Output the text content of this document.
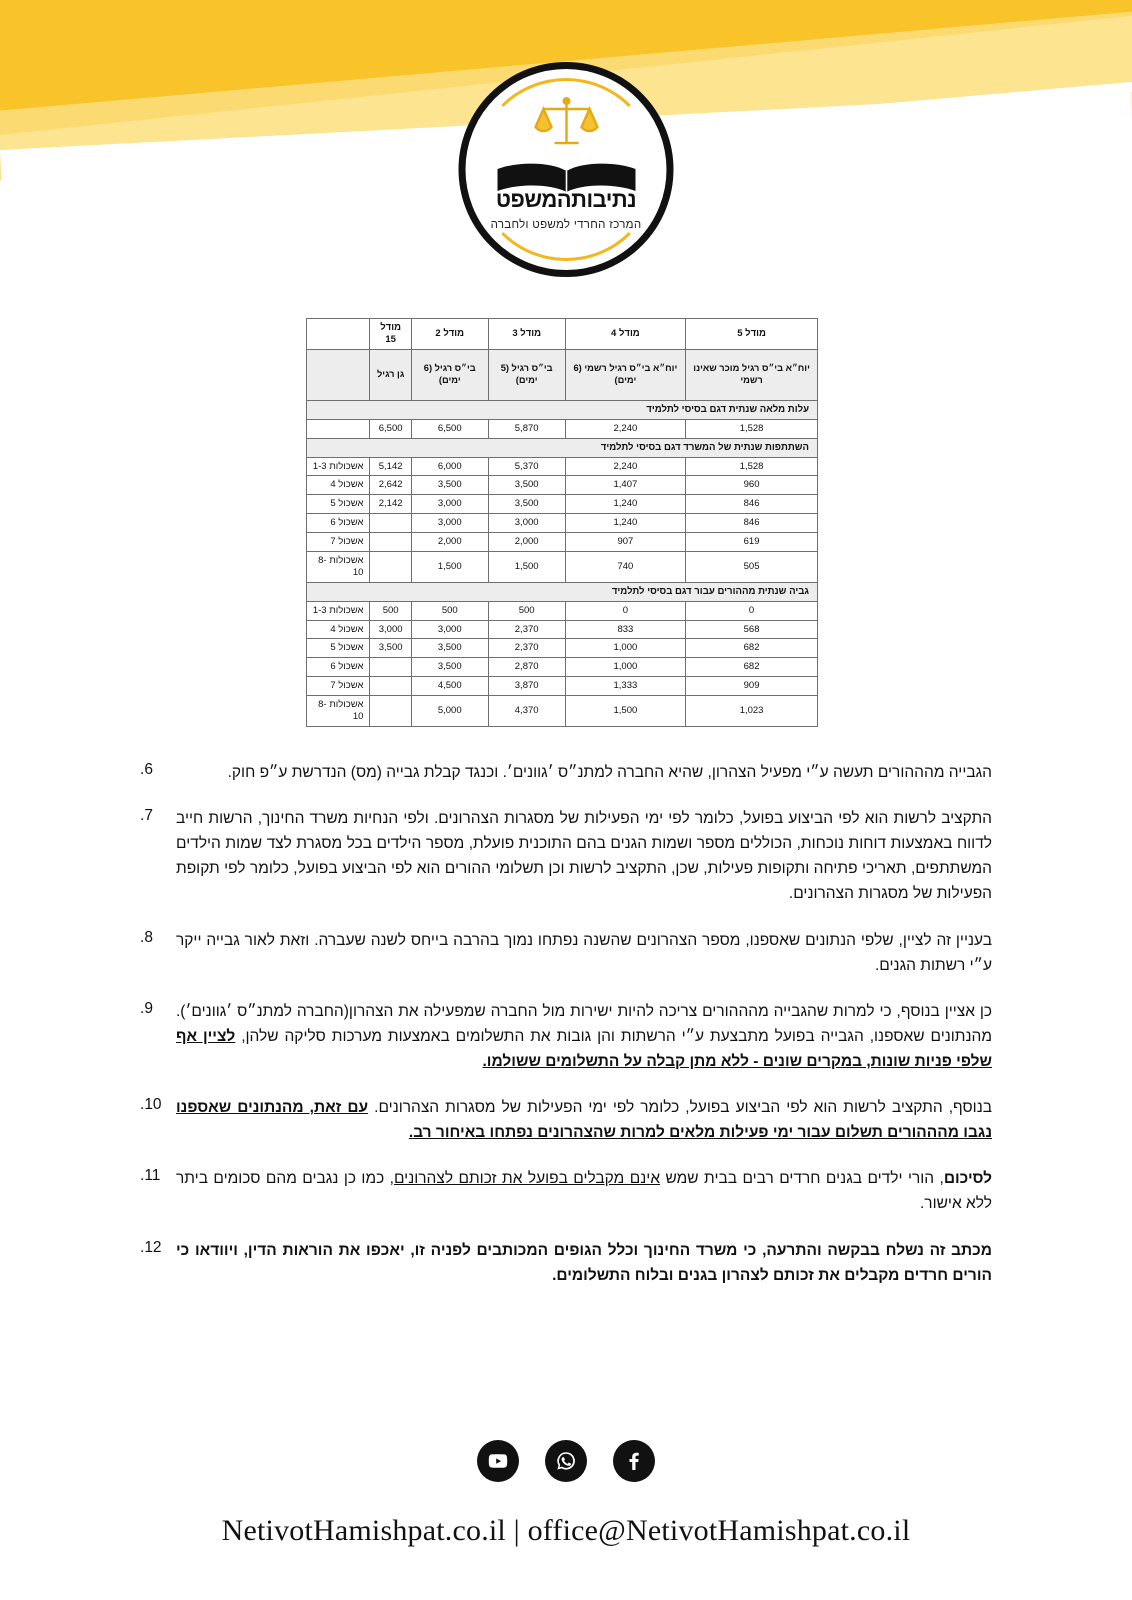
נתיבותהמשפט
המרכז החרדי למשפט ולחברה
מודל 5	מודל 4	מודל 3	מודל 2	מודל 15	
יוח״א בי״ס רגיל מוכר שאינו רשמי	יוח״א בי״ס רגיל רשמי (6 ימים)	בי״ס רגיל (5 ימים)	בי״ס רגיל (6 ימים)	גן רגיל	
עלות מלאה שנתית דגם בסיסי לתלמיד					
1,528	2,240	5,870	6,500	6,500	
השתתפות שנתית של המשרד דגם בסיסי לתלמיד					
1,528	2,240	5,370	6,000	5,142	אשכולות 1-3
960	1,407	3,500	3,500	2,642	אשכול 4
846	1,240	3,500	3,000	2,142	אשכול 5
846	1,240	3,000	3,000		אשכול 6
619	907	2,000	2,000		אשכול 7
505	740	1,500	1,500		אשכולות 8-10
גביה שנתית מההורים עבור דגם בסיסי לתלמיד					
0	0	500	500	500	אשכולות 1-3
568	833	2,370	3,000	3,000	אשכול 4
682	1,000	2,370	3,500	3,500	אשכול 5
682	1,000	2,870	3,500		אשכול 6
909	1,333	3,870	4,500		אשכול 7
1,023	1,500	4,370	5,000		אשכולות 8-10
הגבייה מהההורים תעשה ע״י מפעיל הצהרון, שהיא החברה למתנ״ס ׳גוונים׳. וכנגד קבלת גבייה (מס) הנדרשת ע״פ חוק.
6.
התקציב לרשות הוא לפי הביצוע בפועל, כלומר לפי ימי הפעילות של מסגרות הצהרונים. ולפי הנחיות משרד החינוך, הרשות חייב לדווח באמצעות דוחות נוכחות, הכוללים מספר ושמות הגנים בהם התוכנית פועלת, מספר הילדים בכל מסגרת לצד שמות הילדים המשתתפים, תאריכי פתיחה ותקופות פעילות, שכן, התקציב לרשות וכן תשלומי ההורים הוא לפי הביצוע בפועל, כלומר לפי תקופת הפעילות של מסגרות הצהרונים.
7.
בעניין זה לציין, שלפי הנתונים שאספנו, מספר הצהרונים שהשנה נפתחו נמוך בהרבה בייחס לשנה שעברה. וזאת לאור גבייה ייקר ע״י רשתות הגנים.
8.
כן אציין בנוסף, כי למרות שהגבייה מהההורים צריכה להיות ישירות מול החברה שמפעילה את הצהרון(החברה למתנ״ס ׳גוונים׳). מהנתונים שאספנו, הגבייה בפועל מתבצעת ע״י הרשתות והן גובות את התשלומים באמצעות מערכות סליקה שלהן, לציין אף שלפי פניות שונות, במקרים שונים - ללא מתן קבלה על התשלומים ששולמו.
9.
בנוסף, התקציב לרשות הוא לפי הביצוע בפועל, כלומר לפי ימי הפעילות של מסגרות הצהרונים. עם זאת, מהנתונים שאספנו נגבו מהההורים תשלום עבור ימי פעילות מלאים למרות שהצהרונים נפתחו באיחור רב.
10.
לסיכום, הורי ילדים בגנים חרדים רבים בבית שמש אינם מקבלים בפועל את זכותם לצהרונים, כמו כן נגבים מהם סכומים ביתר ללא אישור.
11.
מכתב זה נשלח בבקשה והתרעה, כי משרד החינוך וכלל הגופים המכותבים לפניה זו, יאכפו את הוראות הדין, ויוודאו כי הורים חרדים מקבלים את זכותם לצהרון בגנים ובלוח התשלומים.
12.
NetivotHamishpat.co.il | office@NetivotHamishpat.co.il
